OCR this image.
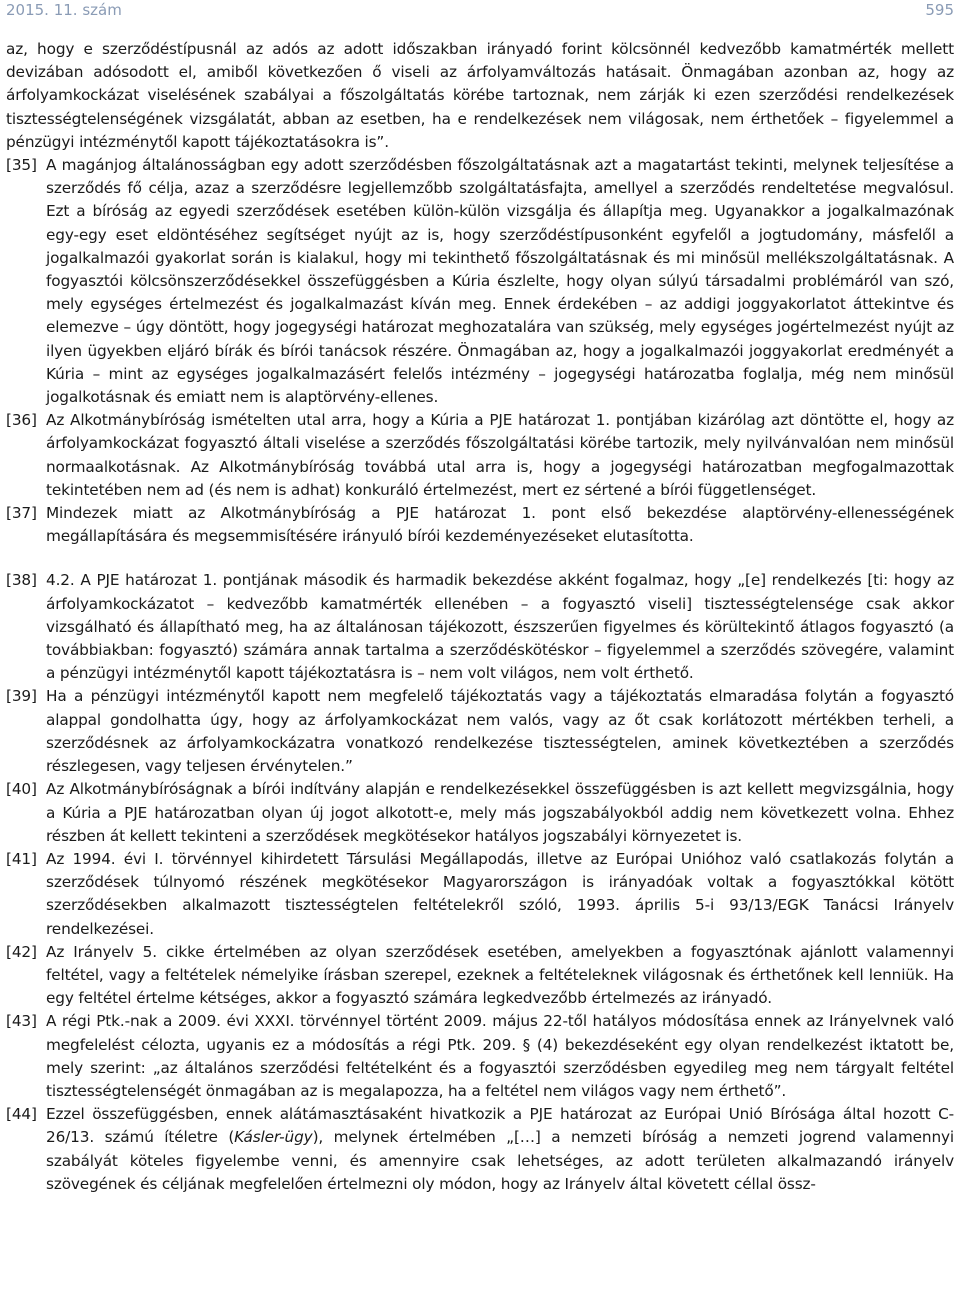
2015. 11. szám	595
az, hogy e szerződéstípusnál az adós az adott időszakban irányadó forint kölcsönnél kedvezőbb kamatmérték mellett devizában adósodott el, amiből következően ő viseli az árfolyamváltozás hatásait. Önmagában azonban az, hogy az árfolyamkockázat viselésének szabályai a főszolgáltatás körébe tartoznak, nem zárják ki ezen szerződési rendelkezések tisztességtelenségének vizsgálatát, abban az esetben, ha e rendelkezések nem világosak, nem érthetőek – figyelemmel a pénzügyi intézménytől kapott tájékoztatásokra is”.
[35] A magánjog általánosságban egy adott szerződésben főszolgáltatásnak azt a magatartást tekinti, melynek teljesítése a szerződés fő célja, azaz a szerződésre legjellemzőbb szolgáltatásfajta, amellyel a szerződés rendeltetése megvalósul. Ezt a bíróság az egyedi szerződések esetében külön-külön vizsgálja és állapítja meg. Ugyanakkor a jogalkalmazónak egy-egy eset eldöntéséhez segítséget nyújt az is, hogy szerződéstípusonként egyfelől a jogtudomány, másfelől a jogalkalmazói gyakorlat során is kialakul, hogy mi tekinthető főszolgáltatásnak és mi minősül mellékszolgáltatásnak. A fogyasztói kölcsönszerződésekkel összefüggésben a Kúria észlelte, hogy olyan súlyú társadalmi problémáról van szó, mely egységes értelmezést és jogalkalmazást kíván meg. Ennek érdekében – az addigi joggyakorlatot áttekintve és elemezve – úgy döntött, hogy jogegységi határozat meghozatalára van szükség, mely egységes jogértelmezést nyújt az ilyen ügyekben eljáró bírák és bírói tanácsok részére. Önmagában az, hogy a jogalkalmazói joggyakorlat eredményét a Kúria – mint az egységes jogalkalmazásért felelős intézmény – jogegységi határozatba foglalja, még nem minősül jogalkotásnak és emiatt nem is alaptörvény-ellenes.
[36] Az Alkotmánybíróság ismételten utal arra, hogy a Kúria a PJE határozat 1. pontjában kizárólag azt döntötte el, hogy az árfolyamkockázat fogyasztó általi viselése a szerződés főszolgáltatási körébe tartozik, mely nyilvánvalóan nem minősül normaalkotásnak. Az Alkotmánybíróság továbbá utal arra is, hogy a jogegységi határozatban megfogalmazottak tekintetében nem ad (és nem is adhat) konkuráló értelmezést, mert ez sértené a bírói függetlenséget.
[37] Mindezek miatt az Alkotmánybíróság a PJE határozat 1. pont első bekezdése alaptörvény-ellenességének megállapítására és megsemmisítésére irányuló bírói kezdeményezéseket elutasította.
[38] 4.2. A PJE határozat 1. pontjának második és harmadik bekezdése akként fogalmaz, hogy „[e] rendelkezés [ti: hogy az árfolyamkockázatot – kedvezőbb kamatmérték ellenében – a fogyasztó viseli] tisztességtelensége csak akkor vizsgálható és állapítható meg, ha az általánosan tájékozott, észszerűen figyelmes és körültekintő átlagos fogyasztó (a továbbiakban: fogyasztó) számára annak tartalma a szerződéskötéskor – figyelemmel a szerződés szövegére, valamint a pénzügyi intézménytől kapott tájékoztatásra is – nem volt világos, nem volt érthető.
[39] Ha a pénzügyi intézménytől kapott nem megfelelő tájékoztatás vagy a tájékoztatás elmaradása folytán a fogyasztó alappal gondolhatta úgy, hogy az árfolyamkockázat nem valós, vagy az őt csak korlátozott mértékben terheli, a szerződésnek az árfolyamkockázatra vonatkozó rendelkezése tisztességtelen, aminek következtében a szerződés részlegesen, vagy teljesen érvénytelen.”
[40] Az Alkotmánybíróságnak a bírói indítvány alapján e rendelkezésekkel összefüggésben is azt kellett megvizsgálnia, hogy a Kúria a PJE határozatban olyan új jogot alkotott-e, mely más jogszabályokból addig nem következett volna. Ehhez részben át kellett tekinteni a szerződések megkötésekor hatályos jogszabályi környezetet is.
[41] Az 1994. évi I. törvénnyel kihirdetett Társulási Megállapodás, illetve az Európai Unióhoz való csatlakozás folytán a szerződések túlnyomó részének megkötésekor Magyarországon is irányadóak voltak a fogyasztókkal kötött szerződésekben alkalmazott tisztességtelen feltételekről szóló, 1993. április 5-i 93/13/EGK Tanácsi Irányelv rendelkezései.
[42] Az Irányelv 5. cikke értelmében az olyan szerződések esetében, amelyekben a fogyasztónak ajánlott valamennyi feltétel, vagy a feltételek némelyike írásban szerepel, ezeknek a feltételeknek világosnak és érthetőnek kell lenniük. Ha egy feltétel értelme kétséges, akkor a fogyasztó számára legkedvezőbb értelmezés az irányadó.
[43] A régi Ptk.-nak a 2009. évi XXXI. törvénnyel történt 2009. május 22-től hatályos módosítása ennek az Irányelvnek való megfelelést célozta, ugyanis ez a módosítás a régi Ptk. 209. § (4) bekezdéseként egy olyan rendelkezést iktatott be, mely szerint: „az általános szerződési feltételként és a fogyasztói szerződésben egyedileg meg nem tárgyalt feltétel tisztességtelenségét önmagában az is megalapozza, ha a feltétel nem világos vagy nem érthető”.
[44] Ezzel összefüggésben, ennek alátámasztásaként hivatkozik a PJE határozat az Európai Unió Bírósága által hozott C-26/13. számú ítéletre (Kásler-ügy), melynek értelmében „[…] a nemzeti bíróság a nemzeti jogrend valamennyi szabályát köteles figyelembe venni, és amennyire csak lehetséges, az adott területen alkalmazandó irányelv szövegének és céljának megfelelően értelmezni oly módon, hogy az Irányelv által követett céllal össz-
